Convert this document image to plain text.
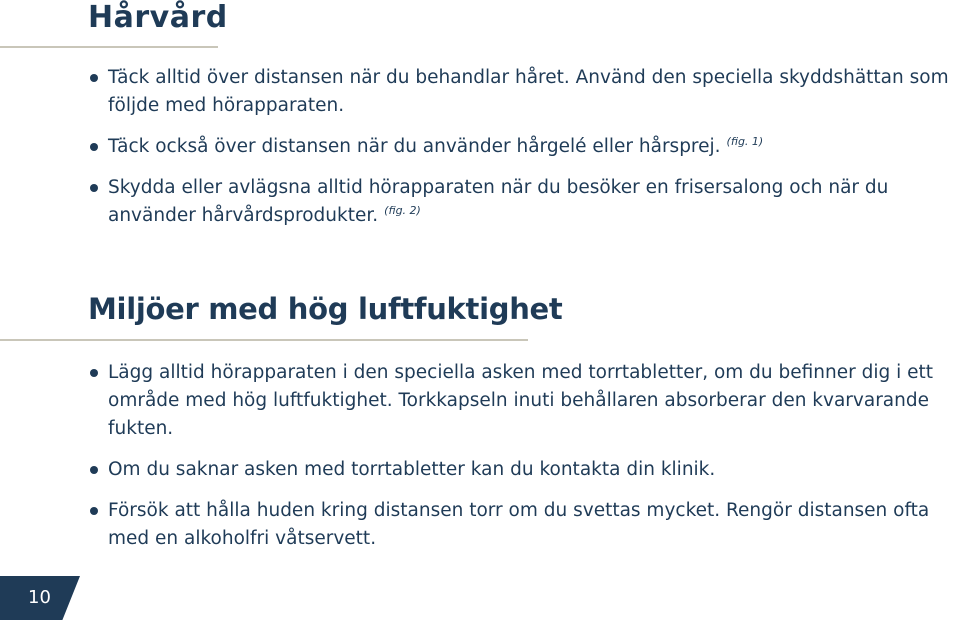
Hårvård
Täck alltid över distansen när du behandlar håret. Använd den speciella skyddshättan som följde med hörapparaten.
Täck också över distansen när du använder hårgelé eller hårsprej. $^{(fig. 1)}$
Skydda eller avlägsna alltid hörapparaten när du besöker en frisersalong och när du använder hårvårdsprodukter. $^{(fig. 2)}$
Miljöer med hög luftfuktighet
Lägg alltid hörapparaten i den speciella asken med torrtabletter, om du befinner dig i ett område med hög luftfuktighet. Torkkapseln inuti behållaren absorberar den kvarvarande fukten.
Om du saknar asken med torrtabletter kan du kontakta din klinik.
Försök att hålla huden kring distansen torr om du svettas mycket. Rengör distansen ofta med en alkoholfri våtservett.
10
